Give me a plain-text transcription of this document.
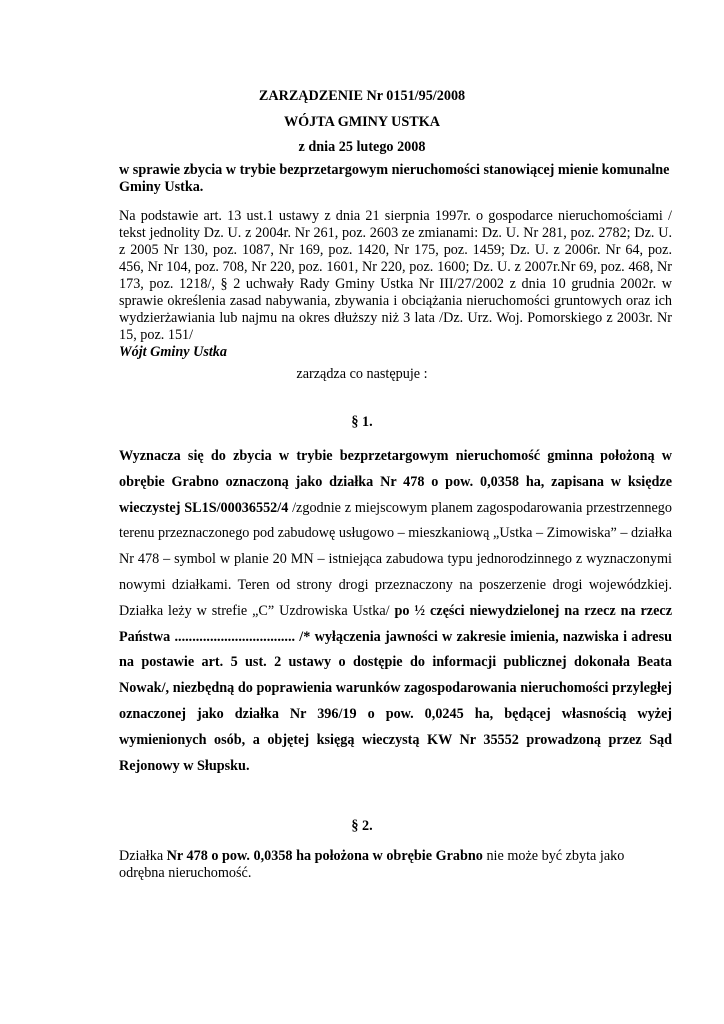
ZARZĄDZENIE Nr 0151/95/2008
WÓJTA GMINY USTKA
z dnia 25 lutego 2008
w sprawie zbycia w trybie bezprzetargowym nieruchomości stanowiącej mienie komunalne Gminy Ustka.

Na podstawie art. 13 ust.1 ustawy z dnia 21 sierpnia 1997r. o gospodarce nieruchomościami / tekst jednolity Dz. U. z 2004r. Nr 261, poz. 2603 ze zmianami: Dz. U. Nr 281, poz. 2782; Dz. U. z 2005 Nr 130, poz. 1087, Nr 169, poz. 1420, Nr 175, poz. 1459; Dz. U. z 2006r. Nr 64, poz. 456, Nr 104, poz. 708, Nr 220, poz. 1601, Nr 220, poz. 1600; Dz. U. z 2007r.Nr 69, poz. 468, Nr 173, poz. 1218/, § 2 uchwały Rady Gminy Ustka Nr III/27/2002 z dnia 10 grudnia 2002r. w sprawie określenia zasad nabywania, zbywania i obciążania nieruchomości gruntowych oraz ich wydzierżawiania lub najmu na okres dłuższy niż 3 lata /Dz. Urz. Woj. Pomorskiego z 2003r. Nr 15, poz. 151/

Wójt Gminy Ustka

zarządza co następuje :
§ 1.
Wyznacza się do zbycia w trybie bezprzetargowym nieruchomość gminna położoną w obrębie Grabno oznaczoną jako działka Nr 478 o pow. 0,0358 ha, zapisana w księdze wieczystej SL1S/00036552/4 /zgodnie z miejscowym planem zagospodarowania przestrzennego terenu przeznaczonego pod zabudowę usługowo – mieszkaniową „Ustka – Zimowiska” – działka Nr 478 – symbol w planie 20 MN – istniejąca zabudowa typu jednorodzinnego z wyznaczonymi nowymi działkami. Teren od strony drogi przeznaczony na poszerzenie drogi wojewódzkiej. Działka leży w strefie „C” Uzdrowiska Ustka/ po ½ części niewydzielonej na rzecz na rzecz Państwa .................................. /* wyłączenia jawności w zakresie imienia, nazwiska i adresu na postawie art. 5 ust. 2 ustawy o dostępie do informacji publicznej dokonała Beata Nowak/, niezbędną do poprawienia warunków zagospodarowania nieruchomości przyległej oznaczonej jako działka Nr 396/19 o pow. 0,0245 ha, będącej własnością wyżej wymienionych osób, a objętej księgą wieczystą KW Nr 35552 prowadzoną przez Sąd Rejonowy w Słupsku.
§ 2.
Działka Nr 478 o pow. 0,0358 ha położona w obrębie Grabno nie może być zbyta jako odrębna nieruchomość.
